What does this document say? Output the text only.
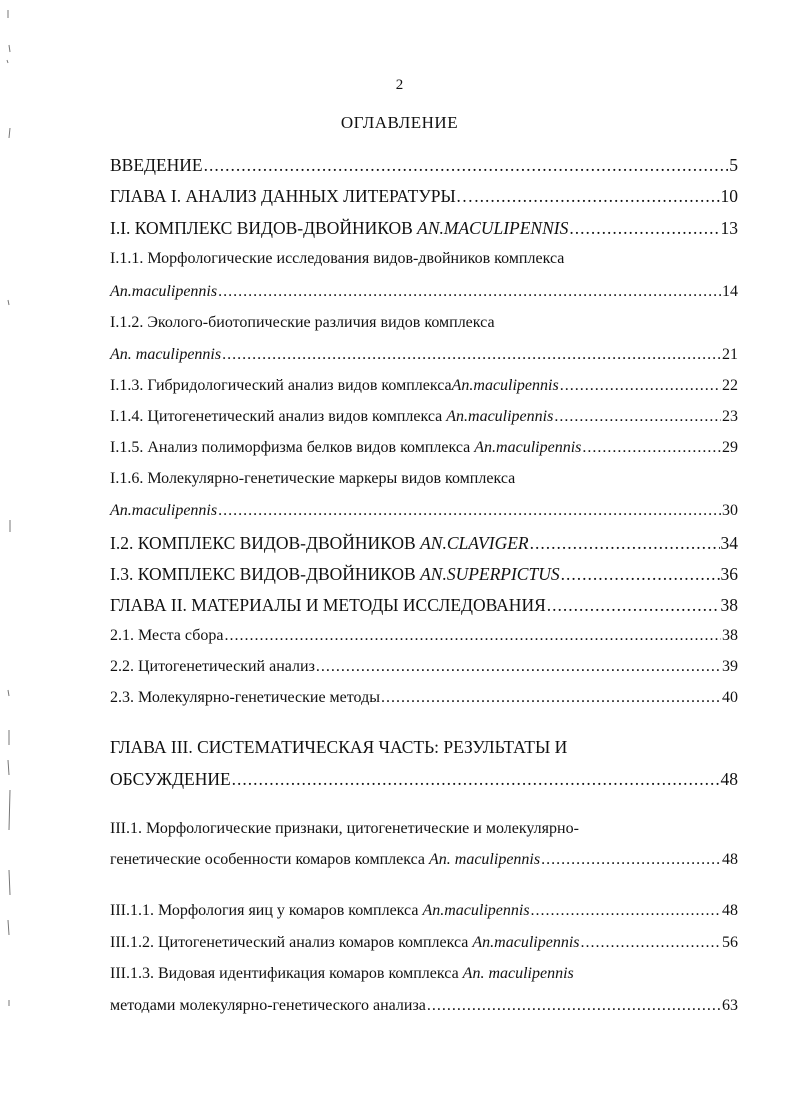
2
ОГЛАВЛЕНИЕ
ВВЕДЕНИЕ .....	5
ГЛАВА I. АНАЛИЗ ДАННЫХ ЛИТЕРАТУРЫ… .....	10
I.I. КОМПЛЕКС ВИДОВ-ДВОЙНИКОВ AN.MACULIPENNIS .....	13
I.1.1. Морфологические исследования видов-двойников комплекса
An.maculipennis .....	14
I.1.2. Эколого-биотопические различия видов комплекса
An. maculipennis .....	21
I.1.3. Гибридологический анализ видов комплексаAn.maculipennis .....	22
I.1.4. Цитогенетический анализ видов комплекса An.maculipennis .....	23
I.1.5. Анализ полиморфизма белков видов комплекса An.maculipennis .....	29
I.1.6. Молекулярно-генетические маркеры видов комплекса
An.maculipennis .....	30
I.2. КОМПЛЕКС ВИДОВ-ДВОЙНИКОВ AN.CLAVIGER .....	34
I.3. КОМПЛЕКС ВИДОВ-ДВОЙНИКОВ AN.SUPERPICTUS .....	36
ГЛАВА II. МАТЕРИАЛЫ И МЕТОДЫ ИССЛЕДОВАНИЯ .....	38
2.1. Места сбора .....	38
2.2. Цитогенетический анализ .....	39
2.3. Молекулярно-генетические методы .....	40
ГЛАВА III. СИСТЕМАТИЧЕСКАЯ ЧАСТЬ: РЕЗУЛЬТАТЫ И
ОБСУЖДЕНИЕ .....	48
III.1. Морфологические признаки, цитогенетические и молекулярно-
генетические особенности комаров комплекса An. maculipennis .....	48
III.1.1. Морфология яиц у комаров комплекса An.maculipennis .....	48
III.1.2. Цитогенетический анализ комаров комплекса An.maculipennis .....	56
III.1.3. Видовая идентификация комаров комплекса An. maculipennis
методами молекулярно-генетического анализа .....	63
